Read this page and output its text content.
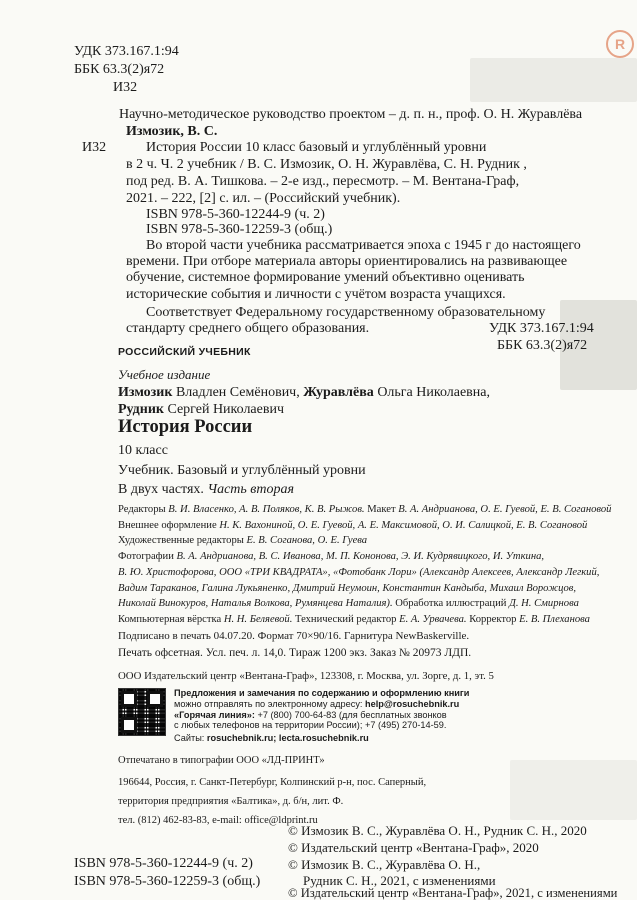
R
УДК 373.167.1:94
ББК 63.3(2)я72
И32
Научно-методическое руководство проектом – д. п. н., проф. О. Н. Журавлёва
И32
Измозик, В. С.
История России 10 класс базовый и углублённый уровни
в 2 ч. Ч. 2 учебник / В. С. Измозик, О. Н. Журавлёва, С. Н. Рудник ,
под ред. В. А. Тишкова. – 2-е изд., пересмотр. – М. Вентана-Граф,
2021. – 222, [2] с. ил. – (Российский учебник).
ISBN 978-5-360-12244-9 (ч. 2)
ISBN 978-5-360-12259-3 (общ.)

Во второй части учебника рассматривается эпоха с 1945 г до настоящего времени. При отборе материала авторы ориентировались на развивающее обучение, системное формирование умений объективно оценивать исторические события и личности с учётом возраста учащихся.

Соответствует Федеральному государственному образовательному стандарту среднего общего образования.	УДК 373.167.1:94
ББК 63.3(2)я72
РОССИЙСКИЙ УЧЕБНИК
Учебное издание
Измозик Владлен Семёнович, Журавлёва Ольга Николаевна,
Рудник Сергей Николаевич
История России
10 класс
Учебник. Базовый и углублённый уровни
В двух частях. Часть вторая
Редакторы В. И. Власенко, А. В. Поляков, К. В. Рыжов. Макет В. А. Андрианова, О. Е. Гуевой, Е. В. Согановой
Внешнее оформление Н. К. Вахониной, О. Е. Гуевой, А. Е. Максимовой, О. И. Салицкой, Е. В. Согановой
Художественные редакторы Е. В. Соганова, О. Е. Гуева
Фотографии В. А. Андрианова, В. С. Иванова, М. П. Кононова, Э. И. Кудрявицкого, И. Уткина,
В. Ю. Христофорова, ООО «ТРИ КВАДРАТА», «Фотобанк Лори» (Александр Алексеев, Александр Легкий,
Вадим Тараканов, Галина Лукьяненко, Дмитрий Неумоин, Константин Кандыба, Михаил Ворожцов,
Николай Винокуров, Наталья Волкова, Румянцева Наталия). Обработка иллюстраций Д. Н. Смирнова
Компьютерная вёрстка Н. Н. Беляевой. Технический редактор Е. А. Урвачева. Корректор Е. В. Плеханова
Подписано в печать 04.07.20. Формат 70×90/16. Гарнитура NewBaskerville.
Печать офсетная. Усл. печ. л. 14,0. Тираж 1200 экз. Заказ № 20973 ЛДП.
ООО Издательский центр «Вентана-Граф», 123308, г. Москва, ул. Зорге, д. 1, эт. 5
Предложения и замечания по содержанию и оформлению книги
можно отправлять по электронному адресу: help@rosuchebnik.ru
«Горячая линия»: +7 (800) 700-64-83 (для бесплатных звонков
с любых телефонов на территории России); +7 (495) 270-14-59.
Сайты: rosuchebnik.ru; lecta.rosuchebnik.ru
Отпечатано в типографии ООО «ЛД-ПРИНТ»
196644, Россия, г. Санкт-Петербург, Колпинский р-н, пос. Саперный,
территория предприятия «Балтика», д. б/н, лит. Ф.
тел. (812) 462-83-83, e-mail: office@ldprint.ru
© Измозик В. С., Журавлёва О. Н., Рудник С. Н., 2020
© Издательский центр «Вентана-Граф», 2020
© Измозик В. С., Журавлёва О. Н.,
Рудник С. Н., 2021, с изменениями
© Издательский центр «Вентана-Граф», 2021, с изменениями
ISBN 978-5-360-12244-9 (ч. 2)
ISBN 978-5-360-12259-3 (общ.)
